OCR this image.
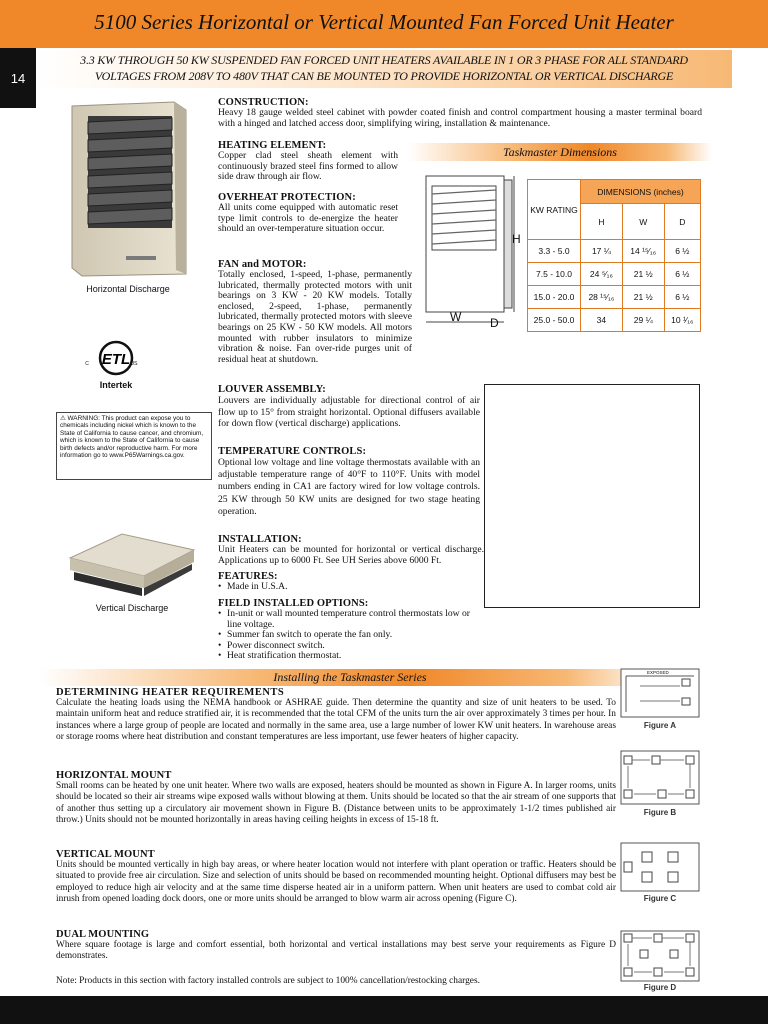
5100 Series Horizontal or Vertical Mounted Fan Forced Unit Heater
3.3 KW THROUGH 50 KW SUSPENDED FAN FORCED UNIT HEATERS AVAILABLE IN 1 OR 3 PHASE FOR ALL STANDARD
VOLTAGES FROM 208V TO 480V THAT CAN BE MOUNTED TO PROVIDE HORIZONTAL OR VERTICAL DISCHARGE
14
Horizontal Discharge
ETL
C	US
Intertek
⚠ WARNING: This product can expose you to chemicals including nickel which is known to the State of California to cause cancer, and chromium, which is known to the State of California to cause birth defects and/or reproductive harm. For more information go to www.P65Warnings.ca.gov.
Vertical Discharge
CONSTRUCTION:
Heavy 18 gauge welded steel cabinet with powder coated finish and control compartment housing a master terminal board with a hinged and latched access door, simplifying wiring, installation & maintenance.
HEATING ELEMENT:
Copper clad steel sheath element with continuously brazed steel fins formed to allow side draw through air flow.
OVERHEAT PROTECTION:
All units come equipped with automatic reset type limit controls to de-energize the heater should an over-temperature situation occur.
FAN and MOTOR:
Totally enclosed, 1-speed, 1-phase, permanently lubricated, thermally protected motors with unit bearings on 3 KW - 20 KW models. Totally enclosed, 2-speed, 1-phase, permanently lubricated, thermally protected motors with sleeve bearings on 25 KW - 50 KW models. All motors mounted with rubber insulators to minimize vibration & noise. Fan over-ride purges unit of residual heat at shutdown.
LOUVER ASSEMBLY:
Louvers are individually adjustable for directional control of air flow up to 15° from straight horizontal. Optional diffusers available for down flow (vertical discharge) applications.
TEMPERATURE CONTROLS:
Optional low voltage and line voltage thermostats available with an adjustable temperature range of 40°F to 110°F. Units with model numbers ending in CA1 are factory wired for low voltage controls. 25 KW through 50 KW units are designed for two stage heating operation.
INSTALLATION:
Unit Heaters can be mounted for horizontal or vertical discharge. Applications up to 6000 Ft. See UH Series above 6000 Ft.
FEATURES:
• Made in U.S.A.
FIELD INSTALLED OPTIONS:
• In-unit or wall mounted temperature control thermostats low or line voltage.
• Summer fan switch to operate the fan only.
• Power disconnect switch.
• Heat stratification thermostat.
Taskmaster Dimensions
H
W D
KW RATING	DIMENSIONS (inches)		
	H	W	D
3.3 - 5.0	17 ¼	14 ¹⁵⁄₁₆	6 ½
7.5 - 10.0	24 ⁵⁄₁₆	21 ½	6 ½
15.0 - 20.0	28 ¹⁵⁄₁₆	21 ½	6 ½
25.0 - 50.0	34	29 ¼	10 ¹⁄₁₆
Installing the Taskmaster Series
DETERMINING HEATER REQUIREMENTS
Calculate the heating loads using the NEMA handbook or ASHRAE guide. Then determine the quantity and size of unit heaters to be used. To maintain uniform heat and reduce stratified air, it is recommended that the total CFM of the units turn the air over approximately 3 times per hour. In instances where a large group of people are located and normally in the same area, use a large number of lower KW unit heaters. In warehouse areas or storage rooms where heat distribution and constant temperatures are less important, use fewer heaters of higher capacity.
HORIZONTAL MOUNT
Small rooms can be heated by one unit heater. Where two walls are exposed, heaters should be mounted as shown in Figure A. In larger rooms, units should be located so their air streams wipe exposed walls without blowing at them. Units should be located so that the air stream of one supports that of another thus setting up a circulatory air movement shown in Figure B. (Distance between units to be approximately 1-1/2 times published air throw.) Units should not be mounted horizontally in areas having ceiling heights in excess of 15-18 ft.
VERTICAL MOUNT
Units should be mounted vertically in high bay areas, or where heater location would not interfere with plant operation or traffic. Heaters should be situated to provide free air circulation. Size and selection of units should be based on recommended mounting height. Optional diffusers may best be employed to reduce high air velocity and at the same time disperse heated air in a uniform pattern. When unit heaters are used to combat cold air inrush from opened loading dock doors, one or more units should be arranged to blow warm air across opening (Figure C).
DUAL MOUNTING
Where square footage is large and comfort essential, both horizontal and vertical installations may best serve your requirements as Figure D demonstrates.
Note: Products in this section with factory installed controls are subject to 100% cancellation/restocking charges.
EXPOSED
Figure A
Figure B
Figure C
Figure D
